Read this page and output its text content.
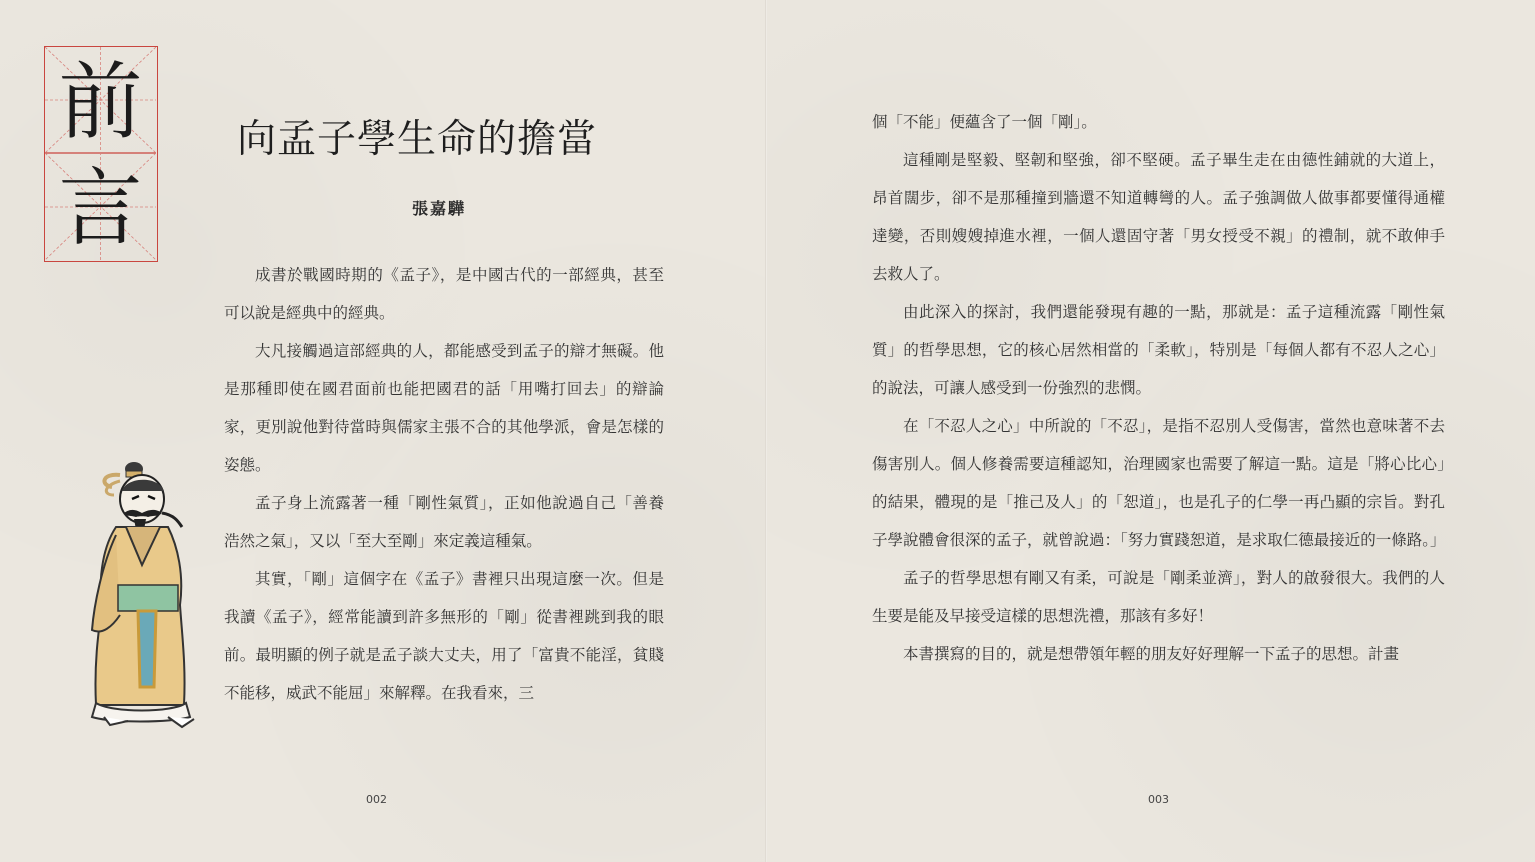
前
言
向孟子學生命的擔當
張嘉驊

成書於戰國時期的《孟子》，是中國古代的一部經典，甚至可以說是經典中的經典。

大凡接觸過這部經典的人，都能感受到孟子的辯才無礙。他是那種即使在國君面前也能把國君的話「用嘴打回去」的辯論家，更別說他對待當時與儒家主張不合的其他學派，會是怎樣的姿態。

孟子身上流露著一種「剛性氣質」，正如他說過自己「善養浩然之氣」，又以「至大至剛」來定義這種氣。

其實，「剛」這個字在《孟子》書裡只出現這麼一次。但是我讀《孟子》，經常能讀到許多無形的「剛」從書裡跳到我的眼前。最明顯的例子就是孟子談大丈夫，用了「富貴不能淫，貧賤不能移，威武不能屈」來解釋。在我看來，三

002	003

個「不能」便蘊含了一個「剛」。

這種剛是堅毅、堅韌和堅強，卻不堅硬。孟子畢生走在由德性鋪就的大道上，昂首闊步，卻不是那種撞到牆還不知道轉彎的人。孟子強調做人做事都要懂得通權達變，否則嫂嫂掉進水裡，一個人還固守著「男女授受不親」的禮制，就不敢伸手去救人了。

由此深入的探討，我們還能發現有趣的一點，那就是：孟子這種流露「剛性氣質」的哲學思想，它的核心居然相當的「柔軟」，特別是「每個人都有不忍人之心」的說法，可讓人感受到一份強烈的悲憫。

在「不忍人之心」中所說的「不忍」，是指不忍別人受傷害，當然也意味著不去傷害別人。個人修養需要這種認知，治理國家也需要了解這一點。這是「將心比心」的結果，體現的是「推己及人」的「恕道」，也是孔子的仁學一再凸顯的宗旨。對孔子學說體會很深的孟子，就曾說過：「努力實踐恕道，是求取仁德最接近的一條路。」

孟子的哲學思想有剛又有柔，可說是「剛柔並濟」，對人的啟發很大。我們的人生要是能及早接受這樣的思想洗禮，那該有多好！

本書撰寫的目的，就是想帶領年輕的朋友好好理解一下孟子的思想。計畫
